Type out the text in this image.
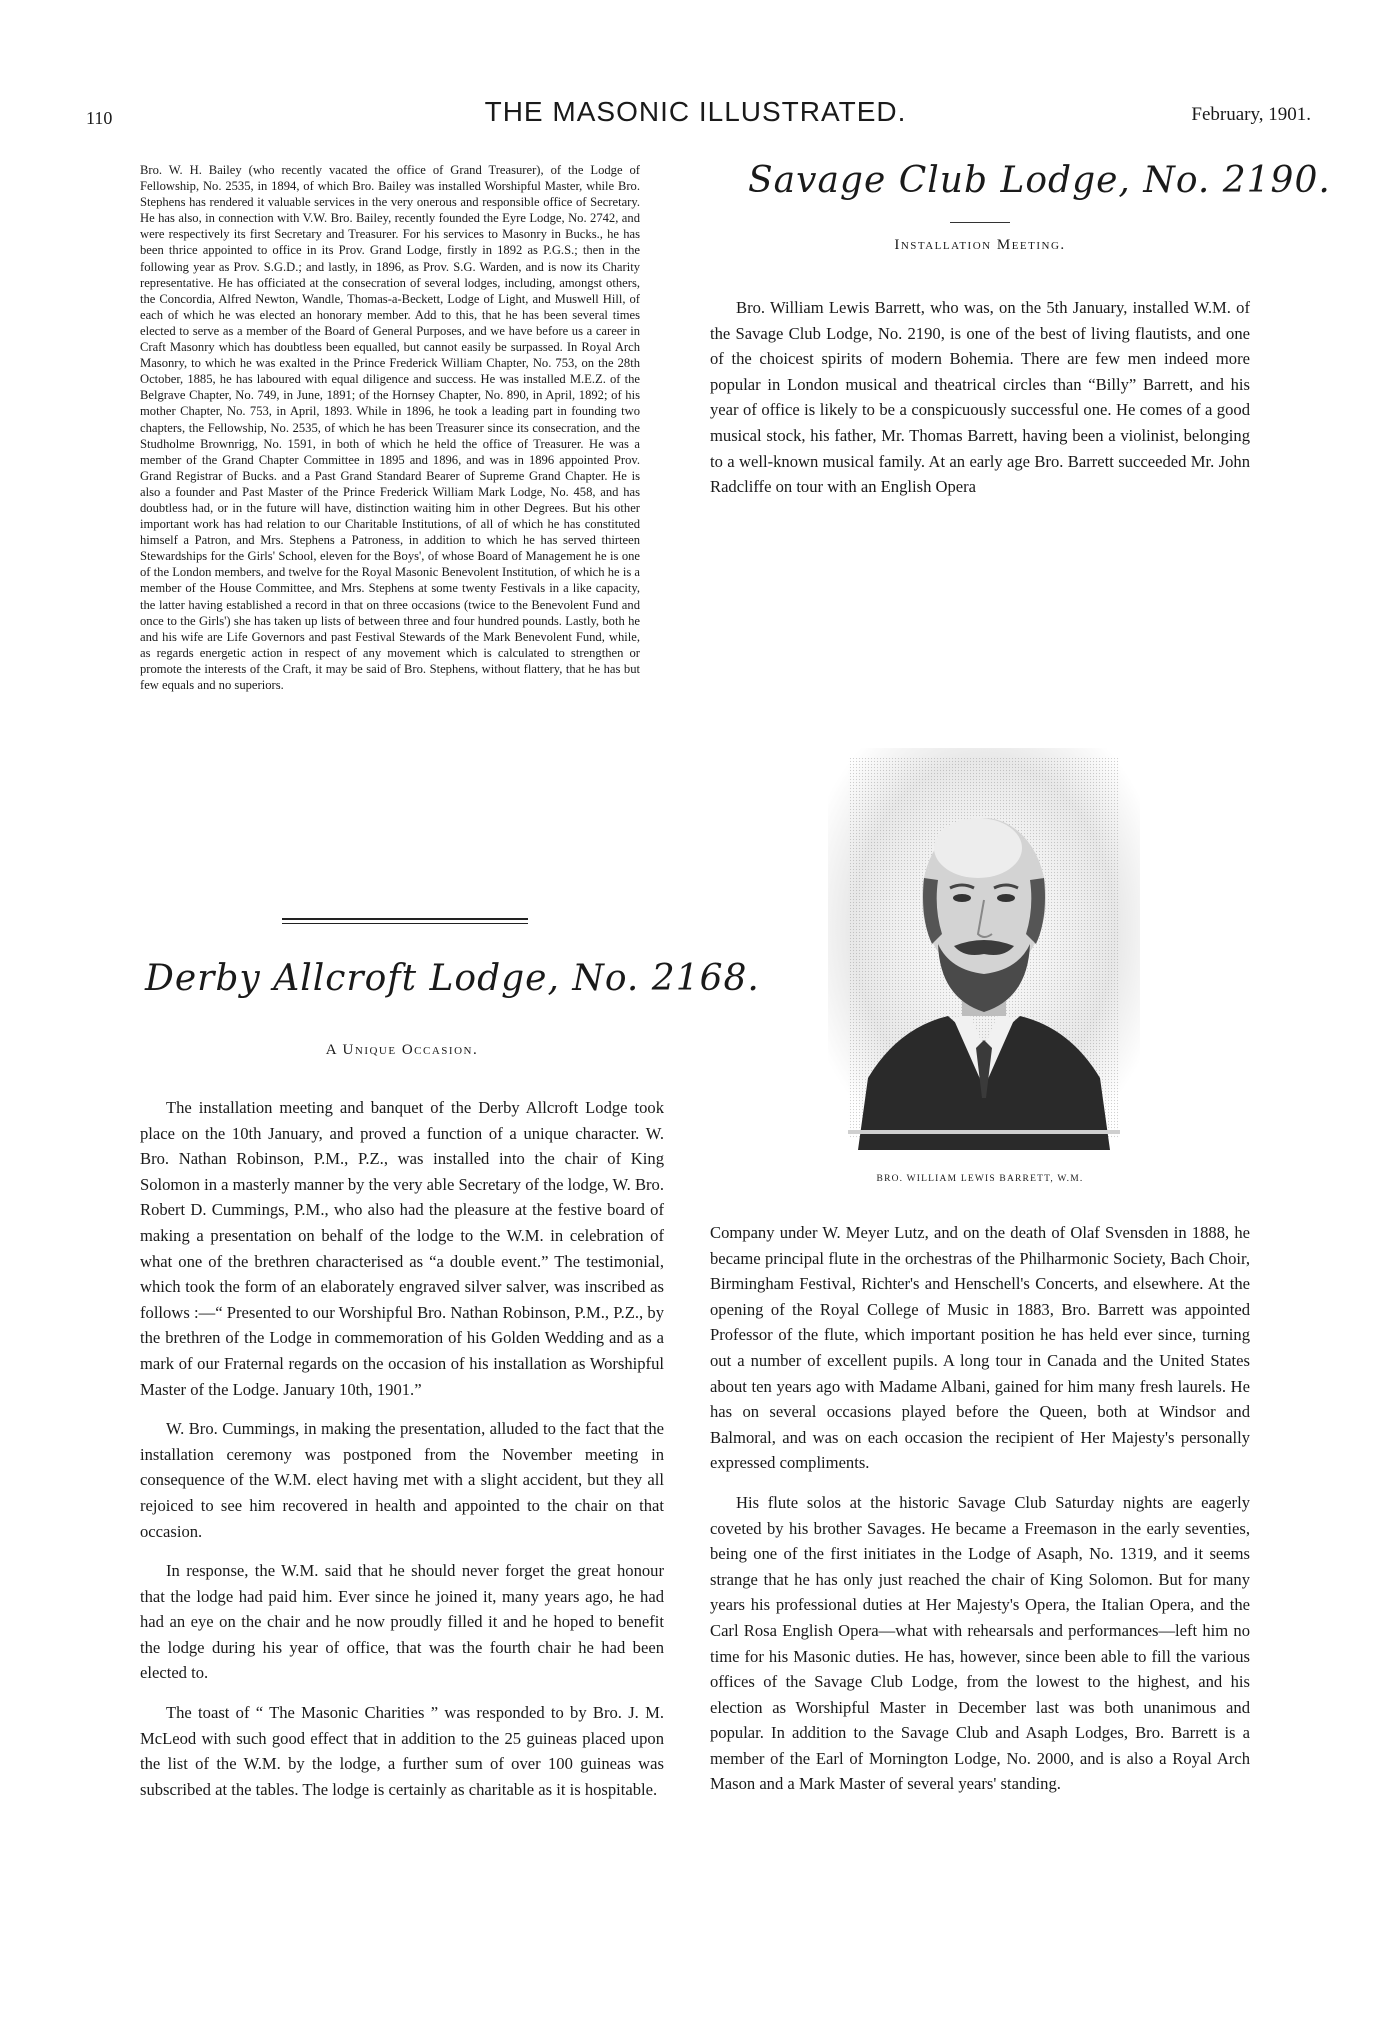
110	THE MASONIC ILLUSTRATED.	February, 1901.

Bro. W. H. Bailey (who recently vacated the office of Grand Treasurer), of the Lodge of Fellowship, No. 2535, in 1894, of which Bro. Bailey was installed Worshipful Master, while Bro. Stephens has rendered it valuable services in the very onerous and responsible office of Secretary. He has also, in connection with V.W. Bro. Bailey, recently founded the Eyre Lodge, No. 2742, and were respectively its first Secretary and Treasurer. For his services to Masonry in Bucks., he has been thrice appointed to office in its Prov. Grand Lodge, firstly in 1892 as P.G.S.; then in the following year as Prov. S.G.D.; and lastly, in 1896, as Prov. S.G. Warden, and is now its Charity representative. He has officiated at the consecration of several lodges, including, amongst others, the Concordia, Alfred Newton, Wandle, Thomas-a-Beckett, Lodge of Light, and Muswell Hill, of each of which he was elected an honorary member. Add to this, that he has been several times elected to serve as a member of the Board of General Purposes, and we have before us a career in Craft Masonry which has doubtless been equalled, but cannot easily be surpassed. In Royal Arch Masonry, to which he was exalted in the Prince Frederick William Chapter, No. 753, on the 28th October, 1885, he has laboured with equal diligence and success. He was installed M.E.Z. of the Belgrave Chapter, No. 749, in June, 1891; of the Hornsey Chapter, No. 890, in April, 1892; of his mother Chapter, No. 753, in April, 1893. While in 1896, he took a leading part in founding two chapters, the Fellowship, No. 2535, of which he has been Treasurer since its consecration, and the Studholme Brownrigg, No. 1591, in both of which he held the office of Treasurer. He was a member of the Grand Chapter Committee in 1895 and 1896, and was in 1896 appointed Prov. Grand Registrar of Bucks. and a Past Grand Standard Bearer of Supreme Grand Chapter. He is also a founder and Past Master of the Prince Frederick William Mark Lodge, No. 458, and has doubtless had, or in the future will have, distinction waiting him in other Degrees. But his other important work has had relation to our Charitable Institutions, of all of which he has constituted himself a Patron, and Mrs. Stephens a Patroness, in addition to which he has served thirteen Stewardships for the Girls' School, eleven for the Boys', of whose Board of Management he is one of the London members, and twelve for the Royal Masonic Benevolent Institution, of which he is a member of the House Committee, and Mrs. Stephens at some twenty Festivals in a like capacity, the latter having established a record in that on three occasions (twice to the Benevolent Fund and once to the Girls') she has taken up lists of between three and four hundred pounds. Lastly, both he and his wife are Life Governors and past Festival Stewards of the Mark Benevolent Fund, while, as regards energetic action in respect of any movement which is calculated to strengthen or promote the interests of the Craft, it may be said of Bro. Stephens, without flattery, that he has but few equals and no superiors.

Derby Allcroft Lodge, No. 2168.
A Unique Occasion.

The installation meeting and banquet of the Derby Allcroft Lodge took place on the 10th January, and proved a function of a unique character. W. Bro. Nathan Robinson, P.M., P.Z., was installed into the chair of King Solomon in a masterly manner by the very able Secretary of the lodge, W. Bro. Robert D. Cummings, P.M., who also had the pleasure at the festive board of making a presentation on behalf of the lodge to the W.M. in celebration of what one of the brethren characterised as “a double event.” The testimonial, which took the form of an elaborately engraved silver salver, was inscribed as follows :—“ Presented to our Worshipful Bro. Nathan Robinson, P.M., P.Z., by the brethren of the Lodge in commemoration of his Golden Wedding and as a mark of our Fraternal regards on the occasion of his installation as Worshipful Master of the Lodge. January 10th, 1901.”

W. Bro. Cummings, in making the presentation, alluded to the fact that the installation ceremony was postponed from the November meeting in consequence of the W.M. elect having met with a slight accident, but they all rejoiced to see him recovered in health and appointed to the chair on that occasion.

In response, the W.M. said that he should never forget the great honour that the lodge had paid him. Ever since he joined it, many years ago, he had had an eye on the chair and he now proudly filled it and he hoped to benefit the lodge during his year of office, that was the fourth chair he had been elected to.

The toast of “ The Masonic Charities ” was responded to by Bro. J. M. McLeod with such good effect that in addition to the 25 guineas placed upon the list of the W.M. by the lodge, a further sum of over 100 guineas was subscribed at the tables. The lodge is certainly as charitable as it is hospitable.

Savage Club Lodge, No. 2190.
Installation Meeting.

Bro. William Lewis Barrett, who was, on the 5th January, installed W.M. of the Savage Club Lodge, No. 2190, is one of the best of living flautists, and one of the choicest spirits of modern Bohemia. There are few men indeed more popular in London musical and theatrical circles than “Billy” Barrett, and his year of office is likely to be a conspicuously successful one. He comes of a good musical stock, his father, Mr. Thomas Barrett, having been a violinist, belonging to a well-known musical family. At an early age Bro. Barrett succeeded Mr. John Radcliffe on tour with an English Opera

BRO. WILLIAM LEWIS BARRETT, W.M.

Company under W. Meyer Lutz, and on the death of Olaf Svensden in 1888, he became principal flute in the orchestras of the Philharmonic Society, Bach Choir, Birmingham Festival, Richter's and Henschell's Concerts, and elsewhere. At the opening of the Royal College of Music in 1883, Bro. Barrett was appointed Professor of the flute, which important position he has held ever since, turning out a number of excellent pupils. A long tour in Canada and the United States about ten years ago with Madame Albani, gained for him many fresh laurels. He has on several occasions played before the Queen, both at Windsor and Balmoral, and was on each occasion the recipient of Her Majesty's personally expressed compliments.

His flute solos at the historic Savage Club Saturday nights are eagerly coveted by his brother Savages. He became a Freemason in the early seventies, being one of the first initiates in the Lodge of Asaph, No. 1319, and it seems strange that he has only just reached the chair of King Solomon. But for many years his professional duties at Her Majesty's Opera, the Italian Opera, and the Carl Rosa English Opera—what with rehearsals and performances—left him no time for his Masonic duties. He has, however, since been able to fill the various offices of the Savage Club Lodge, from the lowest to the highest, and his election as Worshipful Master in December last was both unanimous and popular. In addition to the Savage Club and Asaph Lodges, Bro. Barrett is a member of the Earl of Mornington Lodge, No. 2000, and is also a Royal Arch Mason and a Mark Master of several years' standing.
